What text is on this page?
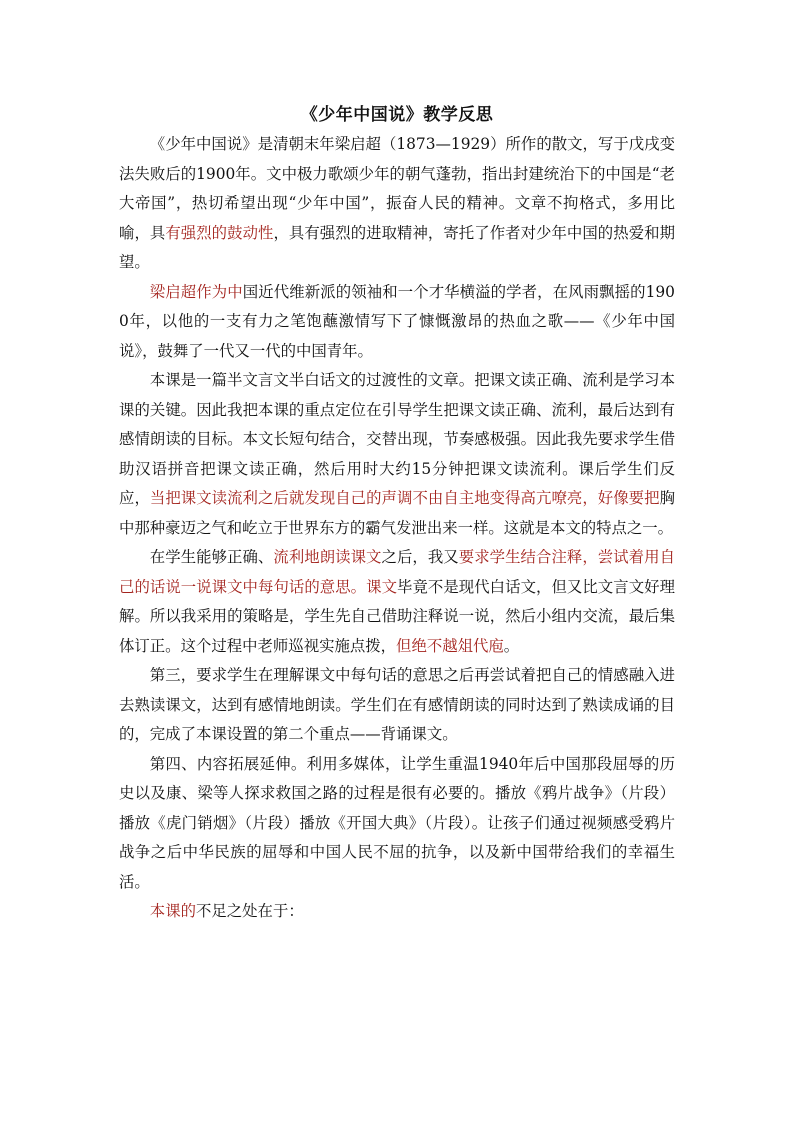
《少年中国说》教学反思

《少年中国说》是清朝末年梁启超（1873—1929）所作的散文，写于戊戌变法失败后的1900年。文中极力歌颂少年的朝气蓬勃，指出封建统治下的中国是“老大帝国”，热切希望出现“少年中国”，振奋人民的精神。文章不拘格式，多用比喻，具有强烈的鼓动性，具有强烈的进取精神，寄托了作者对少年中国的热爱和期望。

梁启超作为中国近代维新派的领袖和一个才华横溢的学者，在风雨飘摇的1900年，以他的一支有力之笔饱蘸激情写下了慷慨激昂的热血之歌——《少年中国说》，鼓舞了一代又一代的中国青年。

本课是一篇半文言文半白话文的过渡性的文章。把课文读正确、流利是学习本课的关键。因此我把本课的重点定位在引导学生把课文读正确、流利，最后达到有感情朗读的目标。本文长短句结合，交替出现，节奏感极强。因此我先要求学生借助汉语拼音把课文读正确，然后用时大约15分钟把课文读流利。课后学生们反应，当把课文读流利之后就发现自己的声调不由自主地变得高亢嘹亮，好像要把胸中那种豪迈之气和屹立于世界东方的霸气发泄出来一样。这就是本文的特点之一。

在学生能够正确、流利地朗读课文之后，我又要求学生结合注释，尝试着用自己的话说一说课文中每句话的意思。课文毕竟不是现代白话文，但又比文言文好理解。所以我采用的策略是，学生先自己借助注释说一说，然后小组内交流，最后集体订正。这个过程中老师巡视实施点拨，但绝不越俎代庖。

第三，要求学生在理解课文中每句话的意思之后再尝试着把自己的情感融入进去熟读课文，达到有感情地朗读。学生们在有感情朗读的同时达到了熟读成诵的目的，完成了本课设置的第二个重点——背诵课文。

第四、内容拓展延伸。利用多媒体，让学生重温1940年后中国那段屈辱的历史以及康、梁等人探求救国之路的过程是很有必要的。播放《鸦片战争》（片段）播放《虎门销烟》（片段）播放《开国大典》（片段）。让孩子们通过视频感受鸦片战争之后中华民族的屈辱和中国人民不屈的抗争，以及新中国带给我们的幸福生活。

本课的不足之处在于：
